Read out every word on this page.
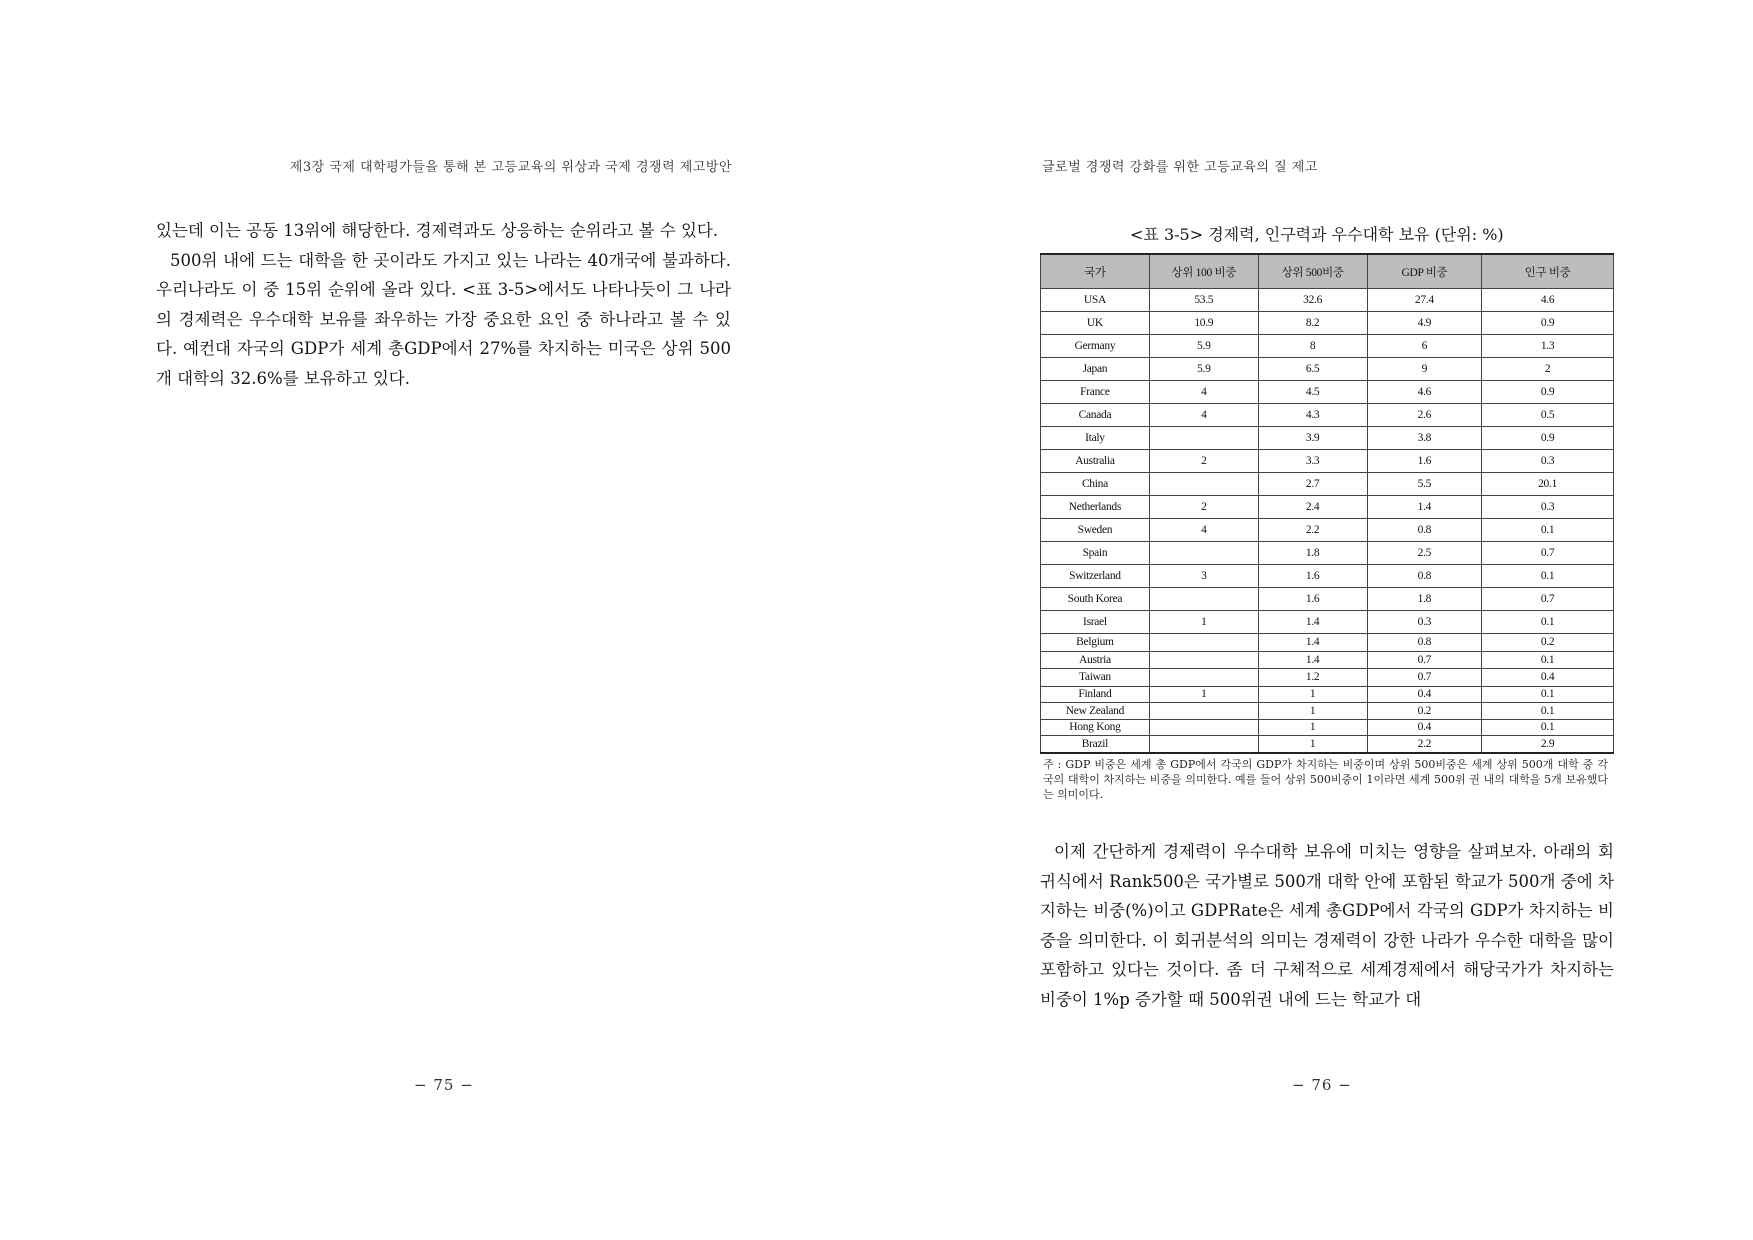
제3장 국제 대학평가들을 통해 본 고등교육의 위상과 국제 경쟁력 제고방안

있는데 이는 공동 13위에 해당한다. 경제력과도 상응하는 순위라고 볼 수 있다.

500위 내에 드는 대학을 한 곳이라도 가지고 있는 나라는 40개국에 불과하다. 우리나라도 이 중 15위 순위에 올라 있다. <표 3-5>에서도 나타나듯이 그 나라의 경제력은 우수대학 보유를 좌우하는 가장 중요한 요인 중 하나라고 볼 수 있다. 예컨대 자국의 GDP가 세계 총GDP에서 27%를 차지하는 미국은 상위 500개 대학의 32.6%를 보유하고 있다.

− 75 −
글로벌 경쟁력 강화를 위한 고등교육의 질 제고
<표 3-5> 경제력, 인구력과 우수대학 보유 (단위: %)
국가	상위 100 비중	상위 500비중	GDP 비중	인구 비중
USA	53.5	32.6	27.4	4.6
UK	10.9	8.2	4.9	0.9
Germany	5.9	8	6	1.3
Japan	5.9	6.5	9	2
France	4	4.5	4.6	0.9
Canada	4	4.3	2.6	0.5
Italy		3.9	3.8	0.9
Australia	2	3.3	1.6	0.3
China		2.7	5.5	20.1
Netherlands	2	2.4	1.4	0.3
Sweden	4	2.2	0.8	0.1
Spain		1.8	2.5	0.7
Switzerland	3	1.6	0.8	0.1
South Korea		1.6	1.8	0.7
Israel	1	1.4	0.3	0.1
Belgium		1.4	0.8	0.2
Austria		1.4	0.7	0.1
Taiwan		1.2	0.7	0.4
Finland	1	1	0.4	0.1
New Zealand		1	0.2	0.1
Hong Kong		1	0.4	0.1
Brazil		1	2.2	2.9
주 : GDP 비중은 세계 총 GDP에서 각국의 GDP가 차지하는 비중이며 상위 500비중은 세계 상위 500개 대학 중 각국의 대학이 차지하는 비중을 의미한다. 예를 들어 상위 500비중이 1이라면 세계 500위 권 내의 대학을 5개 보유했다는 의미이다.

이제 간단하게 경제력이 우수대학 보유에 미치는 영향을 살펴보자. 아래의 회귀식에서 Rank500은 국가별로 500개 대학 안에 포함된 학교가 500개 중에 차지하는 비중(%)이고 GDPRate은 세계 총GDP에서 각국의 GDP가 차지하는 비중을 의미한다. 이 회귀분석의 의미는 경제력이 강한 나라가 우수한 대학을 많이 포함하고 있다는 것이다. 좀 더 구체적으로 세계경제에서 해당국가가 차지하는 비중이 1%p 증가할 때 500위권 내에 드는 학교가 대

− 76 −
